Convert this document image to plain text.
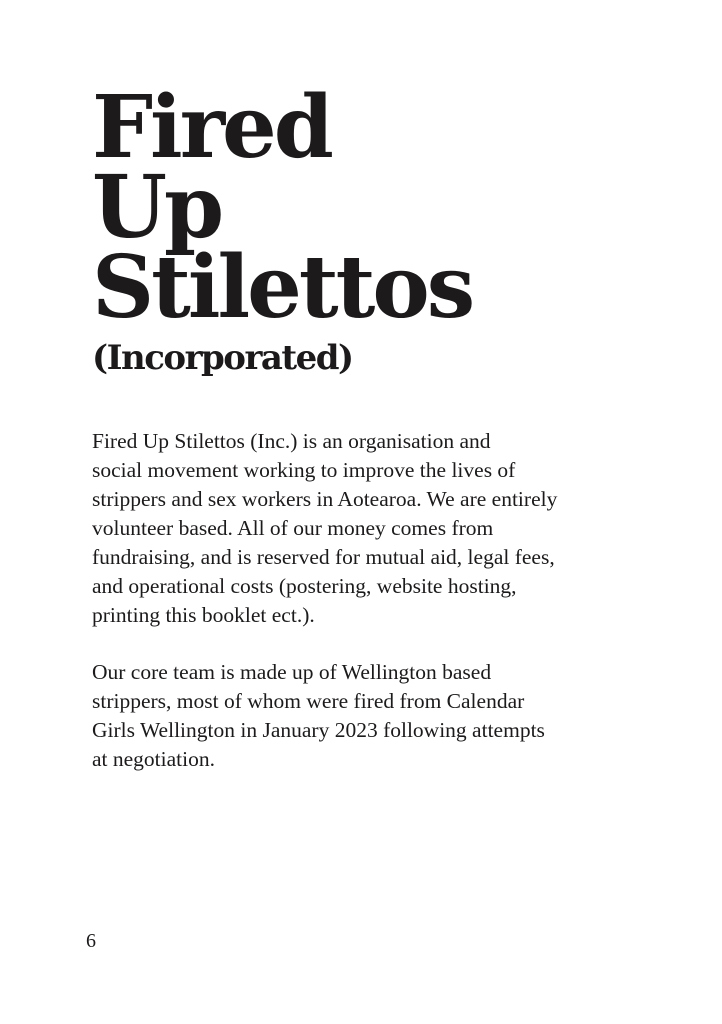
Fired
Up
Stilettos
(Incorporated)
Fired Up Stilettos (Inc.) is an organisation and
social movement working to improve the lives of
strippers and sex workers in Aotearoa. We are entirely
volunteer based. All of our money comes from
fundraising, and is reserved for mutual aid, legal fees,
and operational costs (postering, website hosting,
printing this booklet ect.).
Our core team is made up of Wellington based
strippers, most of whom were fired from Calendar
Girls Wellington in January 2023 following attempts
at negotiation.
6
